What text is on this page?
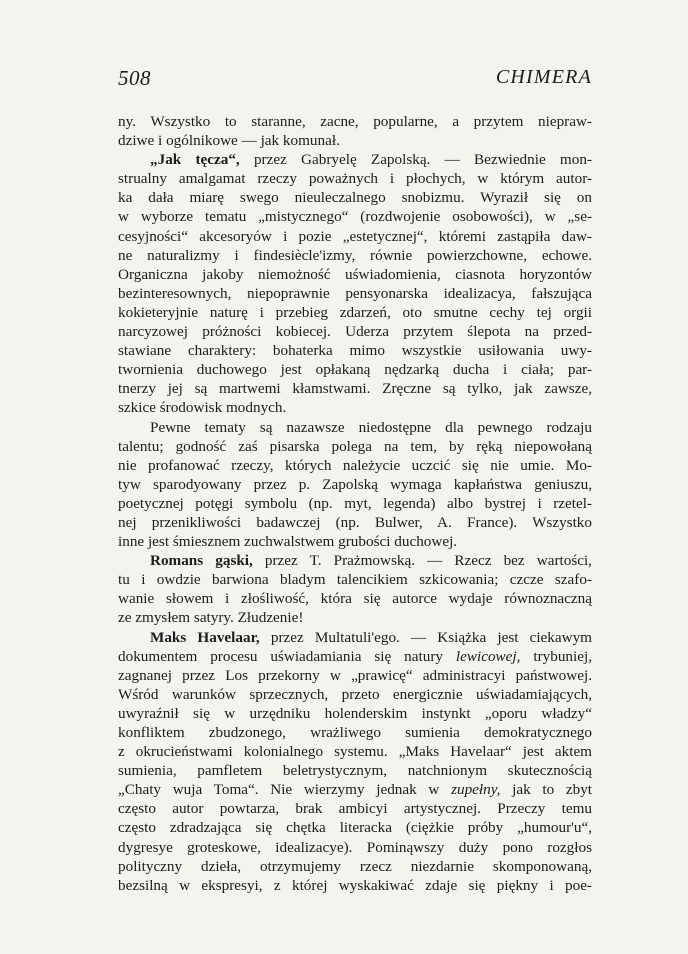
508	CHIMERA
ny. Wszystko to staranne, zacne, popularne, a przytem niepraw-
dziwe i ogólnikowe — jak komunał.
„Jak tęcza“, przez Gabryelę Zapolską. — Bezwiednie mon-
strualny amalgamat rzeczy poważnych i płochych, w którym autor-
ka dała miarę swego nieuleczalnego snobizmu. Wyraził się on
w wyborze tematu „mistycznego“ (rozdwojenie osobowości), w „se-
cesyjności“ akcesoryów i pozie „estetycznej“, któremi zastąpiła daw-
ne naturalizmy i findesiècle'izmy, równie powierzchowne, echowe.
Organiczna jakoby niemożność uświadomienia, ciasnota horyzontów
bezinteresownych, niepoprawnie pensyonarska idealizacya, fałszująca
kokieteryjnie naturę i przebieg zdarzeń, oto smutne cechy tej orgii
narcyzowej próżności kobiecej. Uderza przytem ślepota na przed-
stawiane charaktery: bohaterka mimo wszystkie usiłowania uwy-
twornienia duchowego jest opłakaną nędzarką ducha i ciała; par-
tnerzy jej są martwemi kłamstwami. Zręczne są tylko, jak zawsze,
szkice środowisk modnych.
Pewne tematy są nazawsze niedostępne dla pewnego rodzaju
talentu; godność zaś pisarska polega na tem, by ręką niepowołaną
nie profanować rzeczy, których należycie uczcić się nie umie. Mo-
tyw sparodyowany przez p. Zapolską wymaga kapłaństwa geniuszu,
poetycznej potęgi symbolu (np. myt, legenda) albo bystrej i rzetel-
nej przenikliwości badawczej (np. Bulwer, A. France). Wszystko
inne jest śmiesznem zuchwalstwem grubości duchowej.
Romans gąski, przez T. Prażmowską. — Rzecz bez wartości,
tu i owdzie barwiona bladym talencikiem szkicowania; czcze szafo-
wanie słowem i złośliwość, która się autorce wydaje równoznaczną
ze zmysłem satyry. Złudzenie!
Maks Havelaar, przez Multatuli'ego. — Książka jest ciekawym
dokumentem procesu uświadamiania się natury lewicowej, trybuniej,
zagnanej przez Los przekorny w „prawicę“ administracyi państwowej.
Wśród warunków sprzecznych, przeto energicznie uświadamiających,
uwyraźnił się w urzędniku holenderskim instynkt „oporu władzy“
konfliktem zbudzonego, wrażliwego sumienia demokratycznego
z okrucieństwami kolonialnego systemu. „Maks Havelaar“ jest aktem
sumienia, pamfletem beletrystycznym, natchnionym skutecznością
„Chaty wuja Toma“. Nie wierzymy jednak w zupełny, jak to zbyt
często autor powtarza, brak ambicyi artystycznej. Przeczy temu
często zdradzająca się chętka literacka (ciężkie próby „humour'u“,
dygresye groteskowe, idealizacye). Pominąwszy duży pono rozgłos
polityczny dzieła, otrzymujemy rzecz niezdarnie skomponowaną,
bezsilną w ekspresyi, z której wyskakiwać zdaje się piękny i poe-
